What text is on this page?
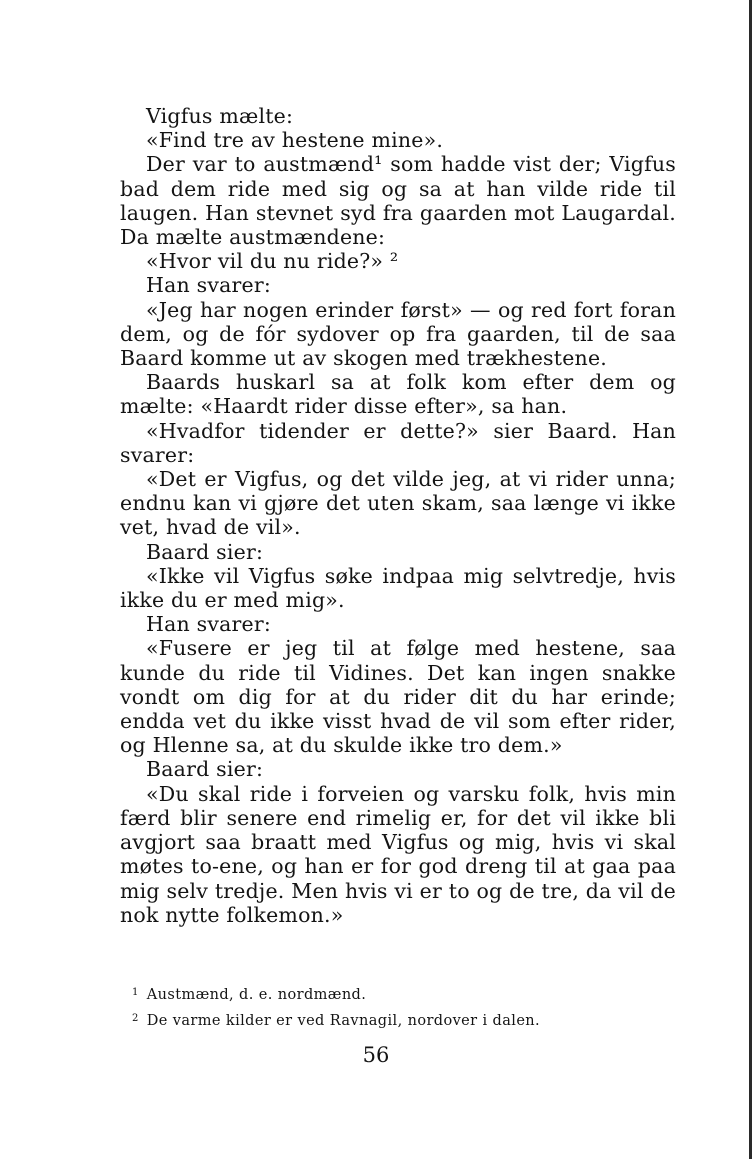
Vigfus mælte:

«Find tre av hestene mine».

Der var to austmænd¹ som hadde vist der; Vigfus bad dem ride med sig og sa at han vilde ride til laugen. Han stevnet syd fra gaarden mot Laugardal. Da mælte austmændene:

«Hvor vil du nu ride?» ²

Han svarer:

«Jeg har nogen erinder først» — og red fort foran dem, og de fór sydover op fra gaarden, til de saa Baard komme ut av skogen med trækhestene.

Baards huskarl sa at folk kom efter dem og mælte: «Haardt rider disse efter», sa han.

«Hvadfor tidender er dette?» sier Baard. Han svarer:

«Det er Vigfus, og det vilde jeg, at vi rider unna; endnu kan vi gjøre det uten skam, saa længe vi ikke vet, hvad de vil».

Baard sier:

«Ikke vil Vigfus søke indpaa mig selvtredje, hvis ikke du er med mig».

Han svarer:

«Fusere er jeg til at følge med hestene, saa kunde du ride til Vidines. Det kan ingen snakke vondt om dig for at du rider dit du har erinde; endda vet du ikke visst hvad de vil som efter rider, og Hlenne sa, at du skulde ikke tro dem.»

Baard sier:

«Du skal ride i forveien og varsku folk, hvis min færd blir senere end rimelig er, for det vil ikke bli avgjort saa braatt med Vigfus og mig, hvis vi skal møtes to-ene, og han er for god dreng til at gaa paa mig selv tredje. Men hvis vi er to og de tre, da vil de nok nytte folkemon.»

$^1$ Austmænd, d. e. nordmænd.

$^2$ De varme kilder er ved Ravnagil, nordover i dalen.

56
